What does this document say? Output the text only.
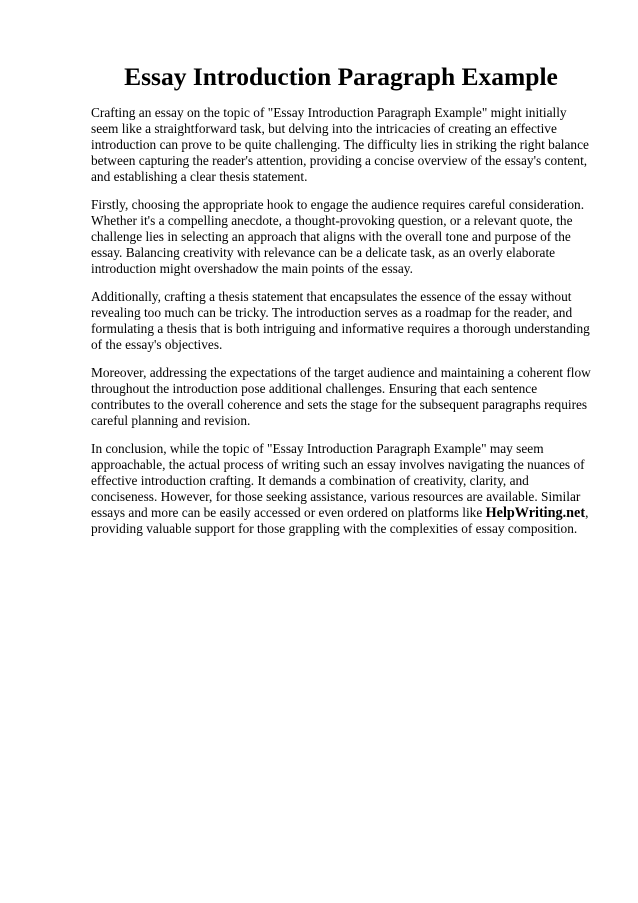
Essay Introduction Paragraph Example

Crafting an essay on the topic of "Essay Introduction Paragraph Example" might initially seem like a straightforward task, but delving into the intricacies of creating an effective introduction can prove to be quite challenging. The difficulty lies in striking the right balance between capturing the reader's attention, providing a concise overview of the essay's content, and establishing a clear thesis statement.

Firstly, choosing the appropriate hook to engage the audience requires careful consideration. Whether it's a compelling anecdote, a thought-provoking question, or a relevant quote, the challenge lies in selecting an approach that aligns with the overall tone and purpose of the essay. Balancing creativity with relevance can be a delicate task, as an overly elaborate introduction might overshadow the main points of the essay.

Additionally, crafting a thesis statement that encapsulates the essence of the essay without revealing too much can be tricky. The introduction serves as a roadmap for the reader, and formulating a thesis that is both intriguing and informative requires a thorough understanding of the essay's objectives.

Moreover, addressing the expectations of the target audience and maintaining a coherent flow throughout the introduction pose additional challenges. Ensuring that each sentence contributes to the overall coherence and sets the stage for the subsequent paragraphs requires careful planning and revision.

In conclusion, while the topic of "Essay Introduction Paragraph Example" may seem approachable, the actual process of writing such an essay involves navigating the nuances of effective introduction crafting. It demands a combination of creativity, clarity, and conciseness. However, for those seeking assistance, various resources are available. Similar essays and more can be easily accessed or even ordered on platforms like HelpWriting.net, providing valuable support for those grappling with the complexities of essay composition.
